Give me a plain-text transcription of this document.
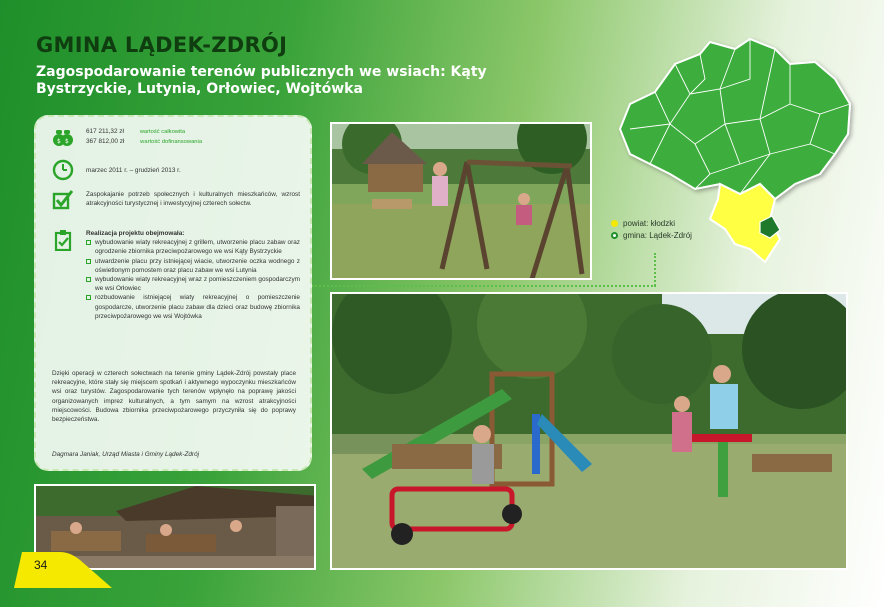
GMINA LĄDEK-ZDRÓJ

Zagospodarowanie terenów publicznych we wsiach: Kąty Bystrzyckie, Lutynia, Orłowiec, Wojtówka

$ $
617 211,32 zł	wartość całkowita
367 812,00 zł	wartość dofinansowania
marzec 2011 r. – grudzień 2013 r.
Zaspokajanie potrzeb społecznych i kulturalnych mieszkańców, wzrost atrakcyjności turystycznej i inwestycyjnej czterech sołectw.
Realizacja projektu obejmowała:

wybudowanie wiaty rekreacyjnej z grillem, utworzenie placu zabaw oraz ogrodzenie zbiornika przeciwpożarowego we wsi Kąty Bystrzyckie

utwardzenie placu przy istniejącej wiacie, utworzenie oczka wodnego z oświetlonym pomostem oraz placu zabaw we wsi Lutynia

wybudowanie wiaty rekreacyjnej wraz z pomieszczeniem gospodarczym we wsi Orłowiec

rozbudowanie istniejącej wiaty rekreacyjnej o pomieszczenie gospodarcze, utworzenie placu zabaw dla dzieci oraz budowę zbiornika przeciwpożarowego we wsi Wojtówka

Dzięki operacji w czterech sołectwach na terenie gminy Lądek-Zdrój powstały place rekreacyjne, które stały się miejscem spotkań i aktywnego wypoczynku mieszkańców wsi oraz turystów. Zagospodarowanie tych terenów wpłynęło na poprawę jakości organizowanych imprez kulturalnych, a tym samym na wzrost atrakcyjności miejscowości. Budowa zbiornika przeciwpożarowego przyczyniła się do poprawy bezpieczeństwa.
Dagmara Janiak, Urząd Miasta i Gminy Lądek-Zdrój
powiat: kłodzki
gmina: Lądek-Zdrój
34
